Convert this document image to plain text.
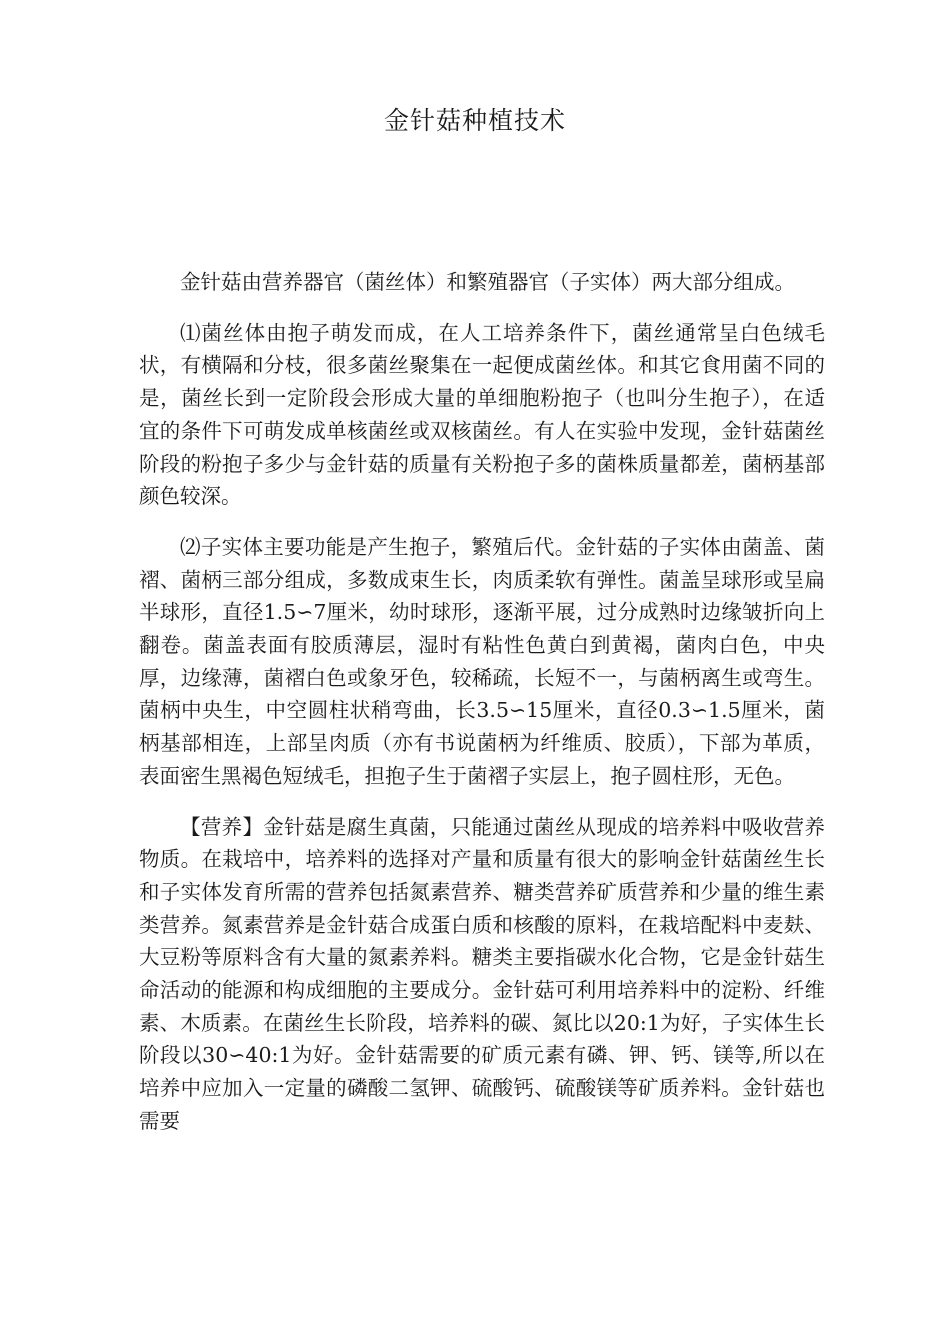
金针菇种植技术

金针菇由营养器官（菌丝体）和繁殖器官（子实体）两大部分组成。

⑴菌丝体由抱子萌发而成，在人工培养条件下，菌丝通常呈白色绒毛状，有横隔和分枝，很多菌丝聚集在一起便成菌丝体。和其它食用菌不同的是，菌丝长到一定阶段会形成大量的单细胞粉抱子（也叫分生抱子），在适宜的条件下可萌发成单核菌丝或双核菌丝。有人在实验中发现，金针菇菌丝阶段的粉抱子多少与金针菇的质量有关粉抱子多的菌株质量都差，菌柄基部颜色较深。

⑵子实体主要功能是产生抱子，繁殖后代。金针菇的子实体由菌盖、菌褶、菌柄三部分组成，多数成束生长，肉质柔软有弹性。菌盖呈球形或呈扁半球形，直径1.5∽7厘米，幼时球形，逐渐平展，过分成熟时边缘皱折向上翻卷。菌盖表面有胶质薄层，湿时有粘性色黄白到黄褐，菌肉白色，中央厚，边缘薄，菌褶白色或象牙色，较稀疏，长短不一，与菌柄离生或弯生。菌柄中央生，中空圆柱状稍弯曲，长3.5∽15厘米，直径0.3∽1.5厘米，菌柄基部相连，上部呈肉质（亦有书说菌柄为纤维质、胶质），下部为革质，表面密生黑褐色短绒毛，担抱子生于菌褶子实层上，抱子圆柱形，无色。

【营养】金针菇是腐生真菌，只能通过菌丝从现成的培养料中吸收营养物质。在栽培中，培养料的选择对产量和质量有很大的影响金针菇菌丝生长和子实体发育所需的营养包括氮素营养、糖类营养矿质营养和少量的维生素类营养。氮素营养是金针菇合成蛋白质和核酸的原料，在栽培配料中麦麸、大豆粉等原料含有大量的氮素养料。糖类主要指碳水化合物，它是金针菇生命活动的能源和构成细胞的主要成分。金针菇可利用培养料中的淀粉、纤维素、木质素。在菌丝生长阶段，培养料的碳、氮比以20:1为好，子实体生长阶段以30∽40:1为好。金针菇需要的矿质元素有磷、钾、钙、镁等,所以在培养中应加入一定量的磷酸二氢钾、硫酸钙、硫酸镁等矿质养料。金针菇也需要
